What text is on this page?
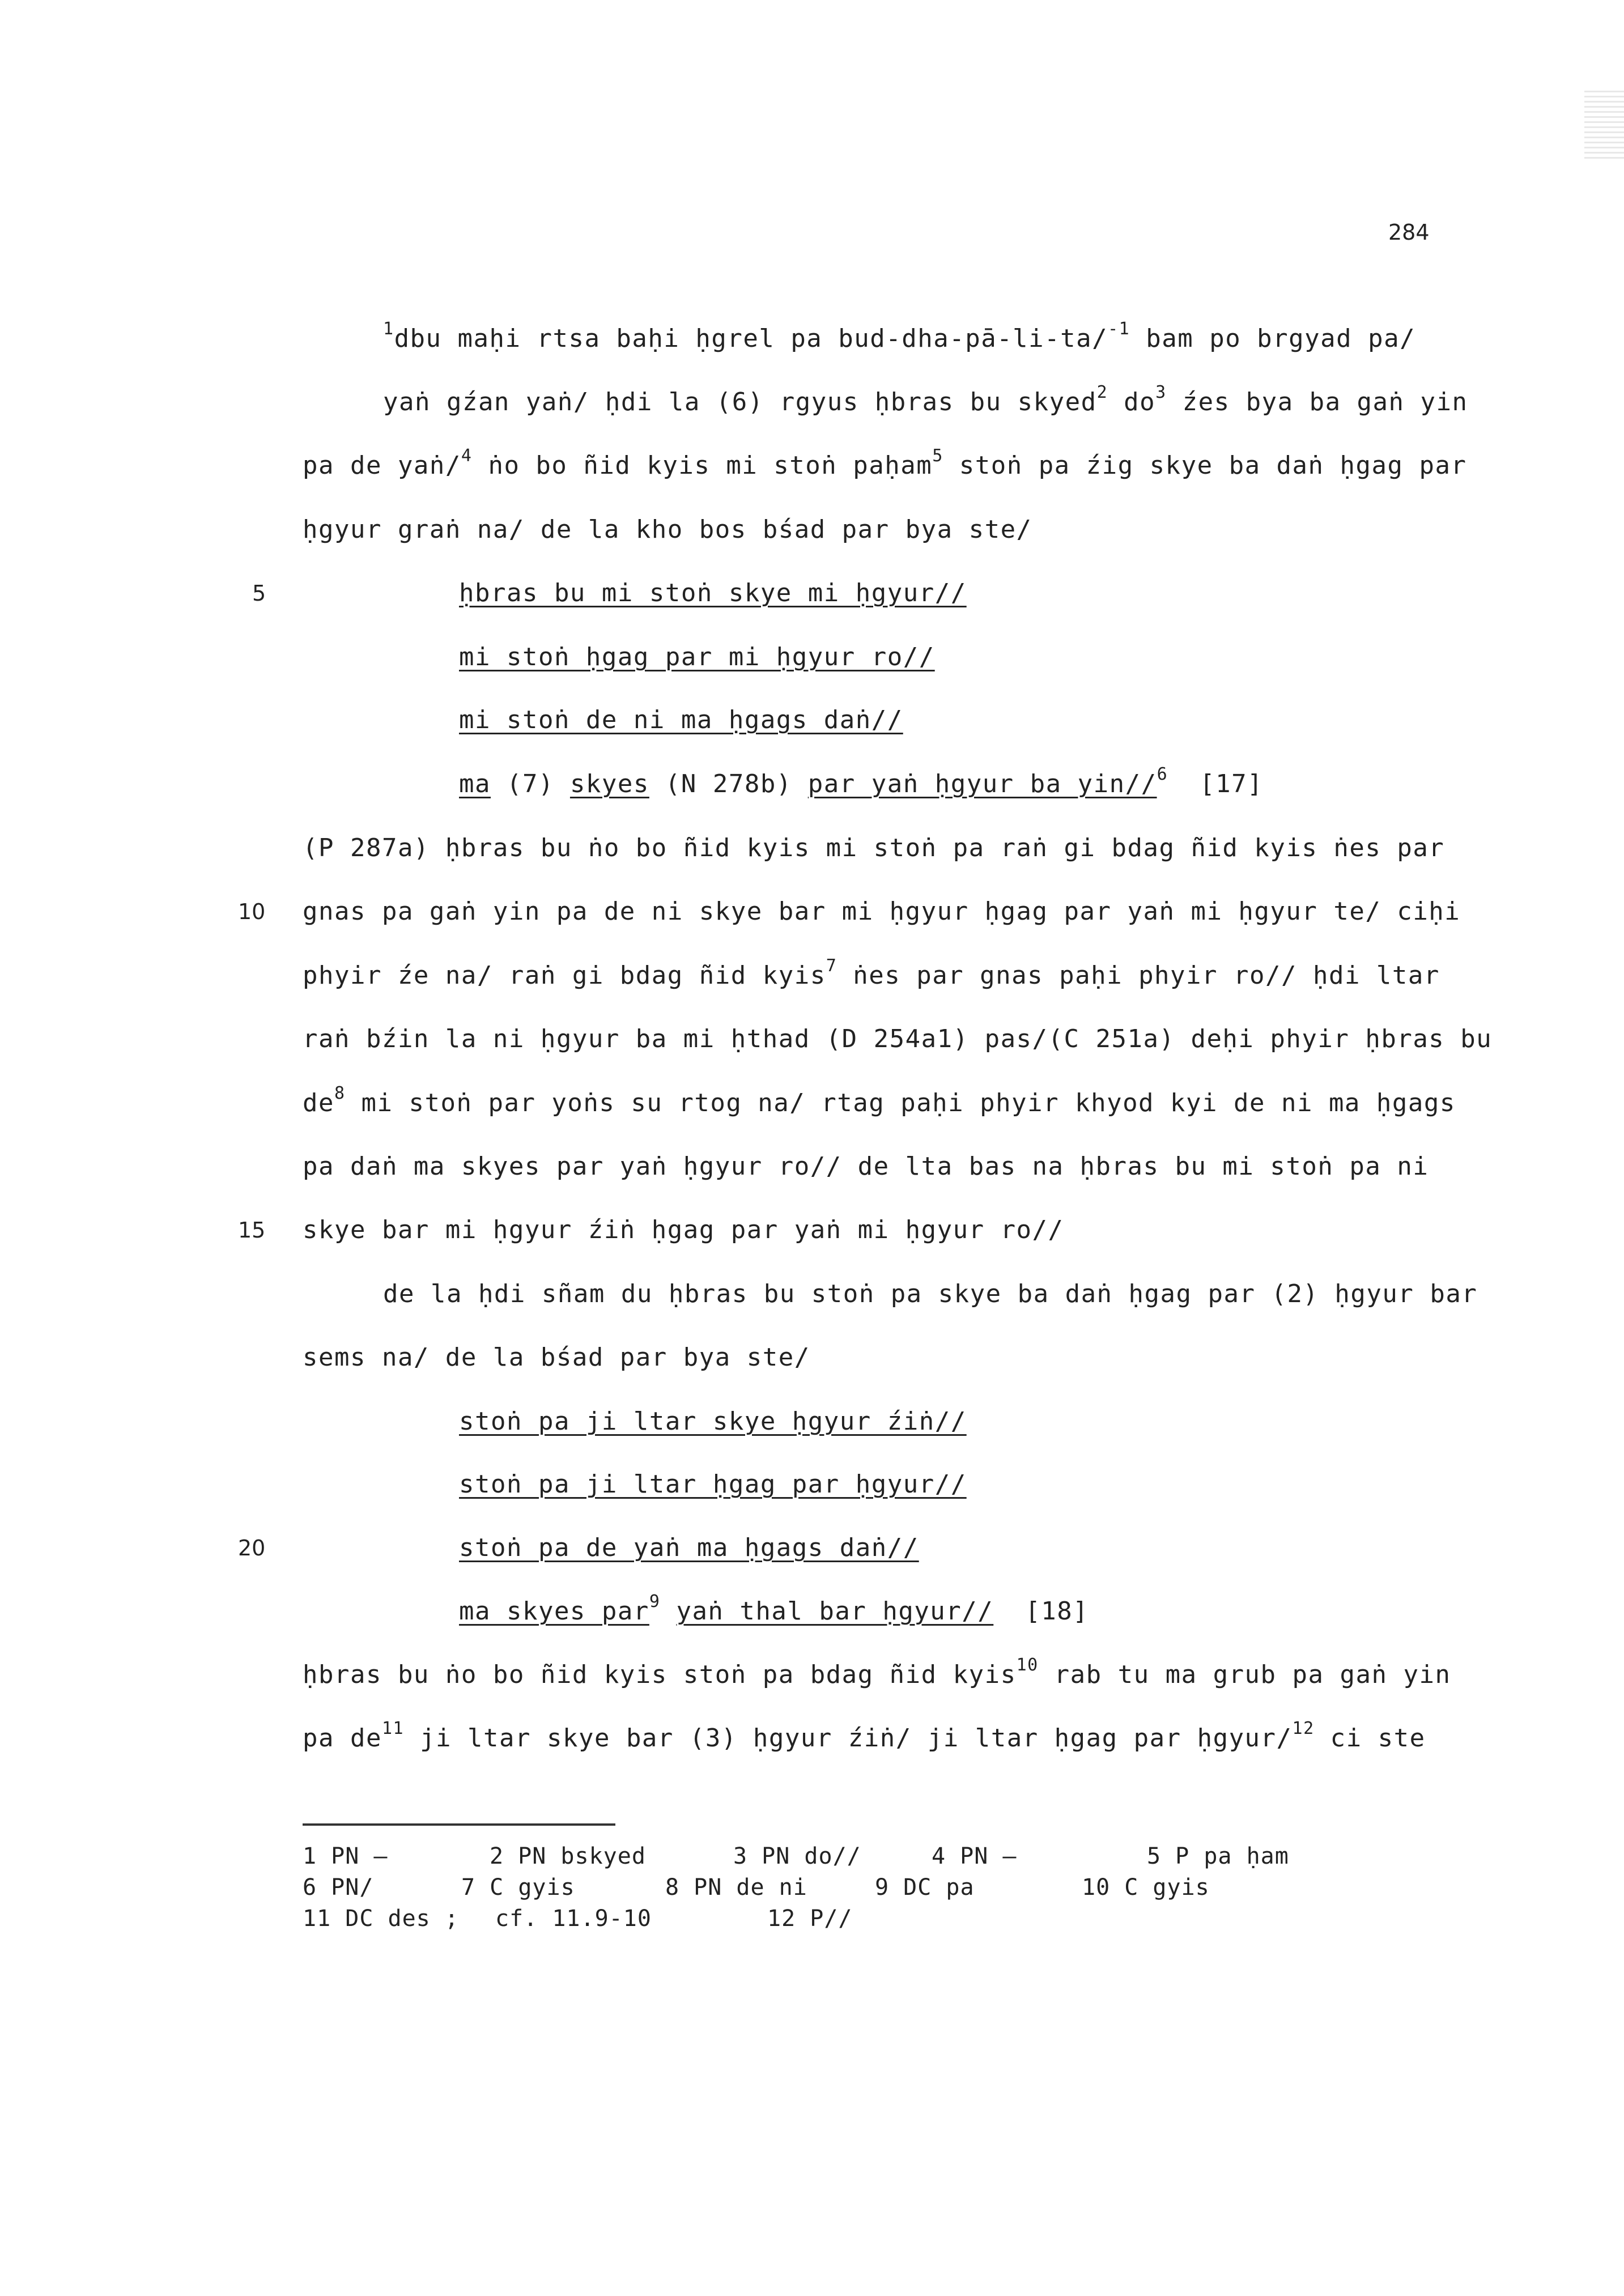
284
$^1$dbu maḥi rtsa baḥi ḥgrel pa bud-dha-pā-li-ta/$^{-1}$ bam po brgyad pa/
yaṅ gźan yaṅ/ ḥdi la (6) rgyus ḥbras bu skyed$^2$ do$^3$ źes bya ba gaṅ yin
pa de yaṅ/$^4$ ṅo bo ñid kyis mi stoṅ paḥam$^5$ stoṅ pa źig skye ba daṅ ḥgag par
ḥgyur graṅ na/ de la kho bos bśad par bya ste/
ḥbras bu mi stoṅ skye mi ḥgyur//
mi stoṅ ḥgag par mi ḥgyur ro//
mi stoṅ de ni ma ḥgags daṅ//
ma (7) skyes (N 278b) par yaṅ ḥgyur ba yin//$^6$  [17]
(P 287a) ḥbras bu ṅo bo ñid kyis mi stoṅ pa raṅ gi bdag ñid kyis ṅes par
gnas pa gaṅ yin pa de ni skye bar mi ḥgyur ḥgag par yaṅ mi ḥgyur te/ ciḥi
phyir źe na/ raṅ gi bdag ñid kyis$^7$ ṅes par gnas paḥi phyir ro// ḥdi ltar
raṅ bźin la ni ḥgyur ba mi ḥthad (D 254a1) pas/(C 251a) deḥi phyir ḥbras bu
de$^8$ mi stoṅ par yoṅs su rtog na/ rtag paḥi phyir khyod kyi de ni ma ḥgags
pa daṅ ma skyes par yaṅ ḥgyur ro// de lta bas na ḥbras bu mi stoṅ pa ni
skye bar mi ḥgyur źiṅ ḥgag par yaṅ mi ḥgyur ro//
de la ḥdi sñam du ḥbras bu stoṅ pa skye ba daṅ ḥgag par (2) ḥgyur bar
sems na/ de la bśad par bya ste/
stoṅ pa ji ltar skye ḥgyur źiṅ//
stoṅ pa ji ltar ḥgag par ḥgyur//
stoṅ pa de yaṅ ma ḥgags daṅ//
ma skyes par$^9$ yaṅ thal bar ḥgyur//  [18]
ḥbras bu ṅo bo ñid kyis stoṅ pa bdag ñid kyis$^{10}$ rab tu ma grub pa gaṅ yin
pa de$^{11}$ ji ltar skye bar (3) ḥgyur źiṅ/ ji ltar ḥgag par ḥgyur/$^{12}$ ci ste
5
10
15
20
1 PN —	2 PN bskyed	3 PN do//	4 PN —	5 P pa ḥam
6 PN/	7 C gyis	8 PN de ni	9 DC pa	10 C gyis
11 DC des ; cf. 11.9-10	12 P//
